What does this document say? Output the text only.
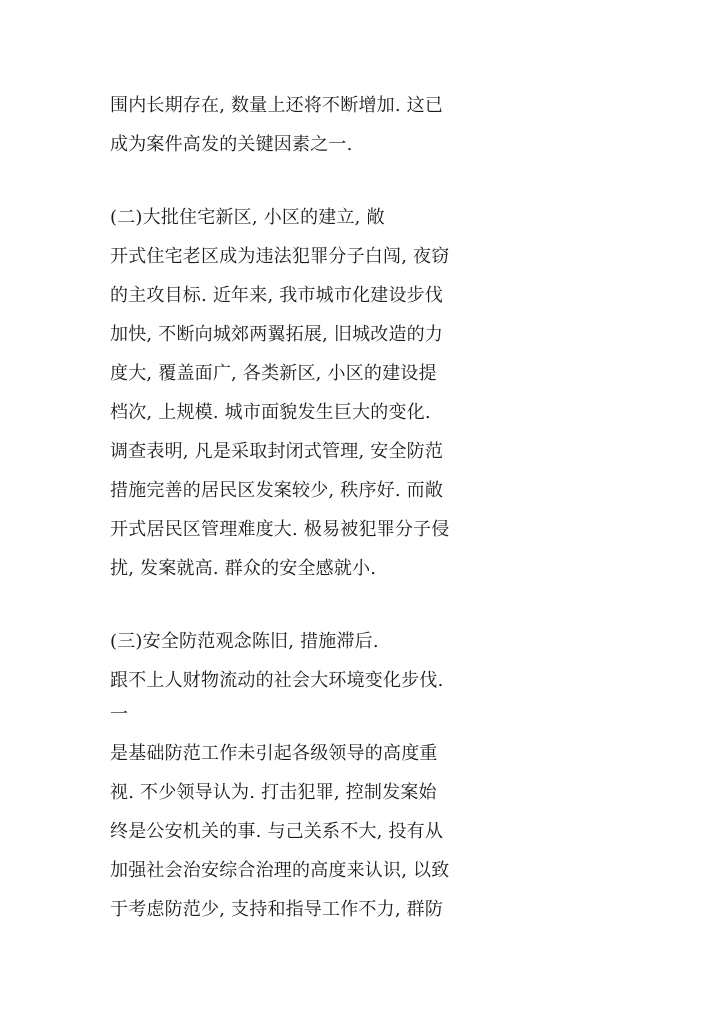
围内长期存在, 数量上还将不断增加. 这已
成为案件高发的关键因素之一.
(二)大批住宅新区, 小区的建立, 敞
开式住宅老区成为违法犯罪分子白闯, 夜窃
的主攻目标. 近年来, 我市城市化建设步伐
加快, 不断向城郊两翼拓展, 旧城改造的力
度大, 覆盖面广, 各类新区, 小区的建设提
档次, 上规模. 城市面貌发生巨大的变化.
调查表明, 凡是采取封闭式管理, 安全防范
措施完善的居民区发案较少, 秩序好. 而敞
开式居民区管理难度大. 极易被犯罪分子侵
扰, 发案就高. 群众的安全感就小.
(三)安全防范观念陈旧, 措施滞后.
跟不上人财物流动的社会大环境变化步伐.
一
是基础防范工作未引起各级领导的高度重
视. 不少领导认为. 打击犯罪, 控制发案始
终是公安机关的事. 与己关系不大, 投有从
加强社会治安综合治理的高度来认识, 以致
于考虑防范少, 支持和指导工作不力, 群防
